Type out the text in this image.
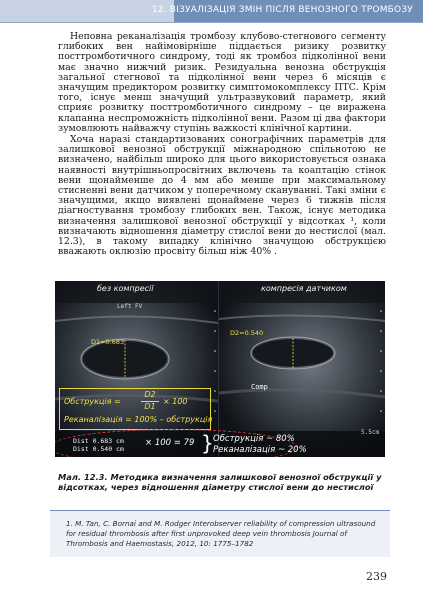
12. ВІЗУАЛІЗАЦІЯ ЗМІН ПІСЛЯ ВЕНОЗНОГО ТРОМБОЗУ

Неповна реканалізація тромбозу клубово-стегнового сегменту глибоких вен найімовірніше піддається ризику розвитку посттромботичного синдрому, тоді як тромбоз підколінної вени має значно нижчий ризик. Резидуальна венозна обструкція загальної стегнової та підколінної вени через 6 місяців є значущим предиктором розвитку симптомокомплексу ПТС. Крім того, існує менш значущий ультразвуковий параметр, який сприяє розвитку посттромботичного синдрому – це виражена клапанна неспроможність підколінної вени. Разом ці два фактори зумовлюють найважчу ступінь важкості клінічної картини.

Хоча наразі стандартизованих сонографічних параметрів для залишкової венозної обструкції міжнародною спільнотою не визначено, найбільш широко для цього використовується ознака наявності внутрішньопросвітних включень та коаптацію стінок вени щонайменше до 4 мм або менше при максимальному стисненні вени датчиком у поперечному скануванні. Такі зміни є значущими, якщо виявлені щонаймене через 6 тижнів після діагностування тромбозу глибоких вен. Також, існує методика визначення залишкової венозної обструкції у відсотках ¹, коли визначають відношення діаметру стислої вени до нестислої (мал. 12.3), в такому випадку клінічно значущою обструкцією вважають оклюзію просвіту більш ніж 40% .

без компресії	компресія датчиком
Left FV
D1=0.683
D2=0.540
Comp
5.5cm
Обструкція =
D2
D1
× 100
Реканалізація = 100% – обструкція
Dist 0.683 cm
Dist 0.540 cm
× 100 = 79 } Обструкція ~ 80%
Реканалізація ~ 20%
Мал. 12.3. Методика визначення залишкової венозної обструкції у відсотках, через відношення діаметру стислої вени до нестислої
1. M. Tan, C. Bornai and M. Rodger Interobserver reliability of compression ultrasound for residual thrombosis after first unprovoked deep vein thrombosis Journal of Thrombosis and Haemostasis, 2012, 10: 1775–1782
239
